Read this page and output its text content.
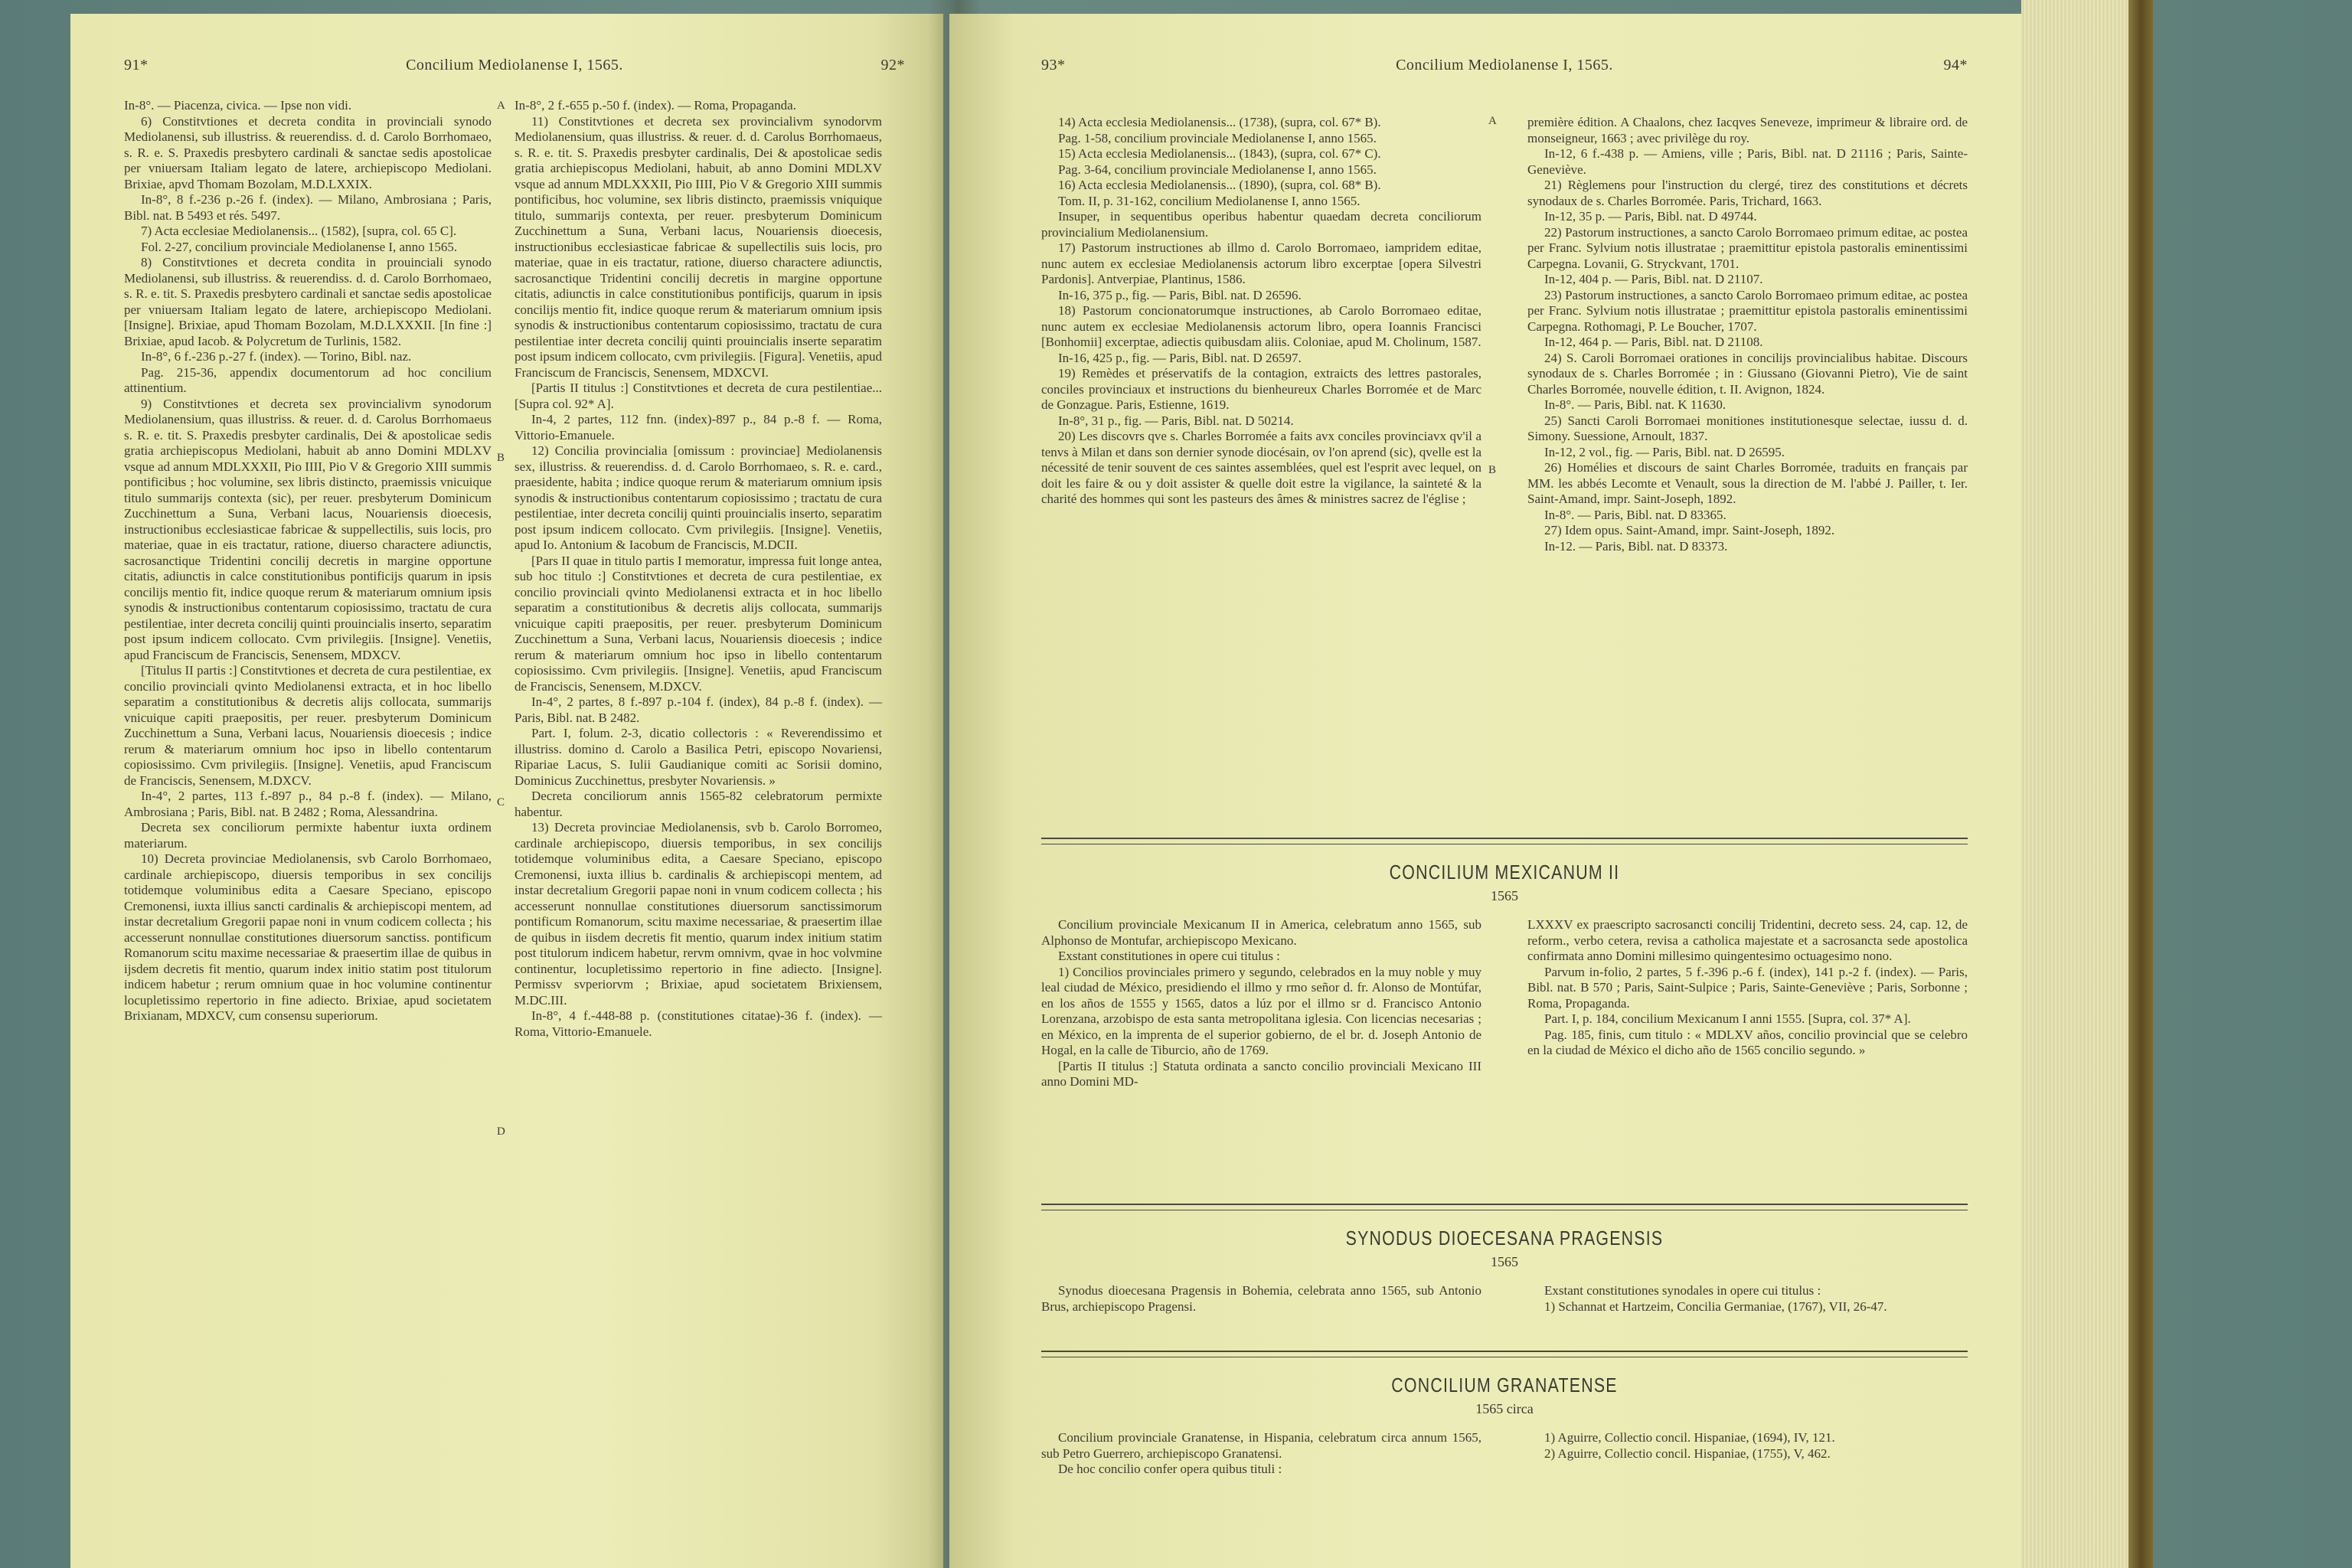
91*	Concilium Mediolanense I, 1565.	92*

In-8°. — Piacenza, civica. — Ipse non vidi.

6) Constitvtiones et decreta condita in provinciali synodo Mediolanensi, sub illustriss. & reuerendiss. d. d. Carolo Borrhomaeo, s. R. e. S. Praxedis presbytero cardinali & sanctae sedis apostolicae per vniuersam Italiam legato de latere, archiepiscopo Mediolani. Brixiae, apvd Thomam Bozolam, M.D.LXXIX.

In-8°, 8 f.-236 p.-26 f. (index). — Milano, Ambrosiana ; Paris, Bibl. nat. B 5493 et rés. 5497.

7) Acta ecclesiae Mediolanensis... (1582), [supra, col. 65 C].

Fol. 2-27, concilium provinciale Mediolanense I, anno 1565.

8) Constitvtiones et decreta condita in prouinciali synodo Mediolanensi, sub illustriss. & reuerendiss. d. d. Carolo Borrhomaeo, s. R. e. tit. S. Praxedis presbytero cardinali et sanctae sedis apostolicae per vniuersam Italiam legato de latere, archiepiscopo Mediolani. [Insigne]. Brixiae, apud Thomam Bozolam, M.D.LXXXII. [In fine :] Brixiae, apud Iacob. & Polycretum de Turlinis, 1582.

In-8°, 6 f.-236 p.-27 f. (index). — Torino, Bibl. naz.

Pag. 215-36, appendix documentorum ad hoc concilium attinentium.

9) Constitvtiones et decreta sex provincialivm synodorum Mediolanensium, quas illustriss. & reuer. d. d. Carolus Borrhomaeus s. R. e. tit. S. Praxedis presbyter cardinalis, Dei & apostolicae sedis gratia archiepiscopus Mediolani, habuit ab anno Domini MDLXV vsque ad annum MDLXXXII, Pio IIII, Pio V & Gregorio XIII summis pontificibus ; hoc volumine, sex libris distincto, praemissis vnicuique titulo summarijs contexta (sic), per reuer. presbyterum Dominicum Zucchinettum a Suna, Verbani lacus, Nouariensis dioecesis, instructionibus ecclesiasticae fabricae & suppellectilis, suis locis, pro materiae, quae in eis tractatur, ratione, diuerso charactere adiunctis, sacrosanctique Tridentini concilij decretis in margine opportune citatis, adiunctis in calce constitutionibus pontificijs quarum in ipsis concilijs mentio fit, indice quoque rerum & materiarum omnium ipsis synodis & instructionibus contentarum copiosissimo, tractatu de cura pestilentiae, inter decreta concilij quinti prouincialis inserto, separatim post ipsum indicem collocato. Cvm privilegiis. [Insigne]. Venetiis, apud Franciscum de Franciscis, Senensem, MDXCV.

[Titulus II partis :] Constitvtiones et decreta de cura pestilentiae, ex concilio provinciali qvinto Mediolanensi extracta, et in hoc libello separatim a constitutionibus & decretis alijs collocata, summarijs vnicuique capiti praepositis, per reuer. presbyterum Dominicum Zucchinettum a Suna, Verbani lacus, Nouariensis dioecesis ; indice rerum & materiarum omnium hoc ipso in libello contentarum copiosissimo. Cvm privilegiis. [Insigne]. Venetiis, apud Franciscum de Franciscis, Senensem, M.DXCV.

In-4°, 2 partes, 113 f.-897 p., 84 p.-8 f. (index). — Milano, Ambrosiana ; Paris, Bibl. nat. B 2482 ; Roma, Alessandrina.

Decreta sex conciliorum permixte habentur iuxta ordinem materiarum.

10) Decreta provinciae Mediolanensis, svb Carolo Borrhomaeo, cardinale archiepiscopo, diuersis temporibus in sex concilijs totidemque voluminibus edita a Caesare Speciano, episcopo Cremonensi, iuxta illius sancti cardinalis & archiepiscopi mentem, ad instar decretalium Gregorii papae noni in vnum codicem collecta ; his accesserunt nonnullae constitutiones diuersorum sanctiss. pontificum Romanorum scitu maxime necessariae & praesertim illae de quibus in ijsdem decretis fit mentio, quarum index initio statim post titulorum indicem habetur ; rerum omnium quae in hoc volumine continentur locupletissimo repertorio in fine adiecto. Brixiae, apud societatem Brixianam, MDXCV, cum consensu superiorum.

In-8°, 2 f.-655 p.-50 f. (index). — Roma, Propaganda.

11) Constitvtiones et decreta sex provincialivm synodorvm Mediolanensium, quas illustriss. & reuer. d. d. Carolus Borrhomaeus, s. R. e. tit. S. Praxedis presbyter cardinalis, Dei & apostolicae sedis gratia archiepiscopus Mediolani, habuit, ab anno Domini MDLXV vsque ad annum MDLXXXII, Pio IIII, Pio V & Gregorio XIII summis pontificibus, hoc volumine, sex libris distincto, praemissis vniquique titulo, summarijs contexta, per reuer. presbyterum Dominicum Zucchinettum a Suna, Verbani lacus, Nouariensis dioecesis, instructionibus ecclesiasticae fabricae & supellectilis suis locis, pro materiae, quae in eis tractatur, ratione, diuerso charactere adiunctis, sacrosanctique Tridentini concilij decretis in margine opportune citatis, adiunctis in calce constitutionibus pontificijs, quarum in ipsis concilijs mentio fit, indice quoque rerum & materiarum omnium ipsis synodis & instructionibus contentarum copiosissimo, tractatu de cura pestilentiae inter decreta concilij quinti prouincialis inserte separatim post ipsum indicem collocato, cvm privilegiis. [Figura]. Venetiis, apud Franciscum de Franciscis, Senensem, MDXCVI.

[Partis II titulus :] Constitvtiones et decreta de cura pestilentiae... [Supra col. 92* A].

In-4, 2 partes, 112 fnn. (index)-897 p., 84 p.-8 f. — Roma, Vittorio-Emanuele.

12) Concilia provincialia [omissum : provinciae] Mediolanensis sex, illustriss. & reuerendiss. d. d. Carolo Borrhomaeo, s. R. e. card., praesidente, habita ; indice quoque rerum & materiarum omnium ipsis synodis & instructionibus contentarum copiosissimo ; tractatu de cura pestilentiae, inter decreta concilij quinti prouincialis inserto, separatim post ipsum indicem collocato. Cvm privilegiis. [Insigne]. Venetiis, apud Io. Antonium & Iacobum de Franciscis, M.DCII.

[Pars II quae in titulo partis I memoratur, impressa fuit longe antea, sub hoc titulo :] Constitvtiones et decreta de cura pestilentiae, ex concilio provinciali qvinto Mediolanensi extracta et in hoc libello separatim a constitutionibus & decretis alijs collocata, summarijs vnicuique capiti praepositis, per reuer. presbyterum Dominicum Zucchinettum a Suna, Verbani lacus, Nouariensis dioecesis ; indice rerum & materiarum omnium hoc ipso in libello contentarum copiosissimo. Cvm privilegiis. [Insigne]. Venetiis, apud Franciscum de Franciscis, Senensem, M.DXCV.

In-4°, 2 partes, 8 f.-897 p.-104 f. (index), 84 p.-8 f. (index). — Paris, Bibl. nat. B 2482.

Part. I, folum. 2-3, dicatio collectoris : « Reverendissimo et illustriss. domino d. Carolo a Basilica Petri, episcopo Novariensi, Ripariae Lacus, S. Iulii Gaudianique comiti ac Sorisii domino, Dominicus Zucchinettus, presbyter Novariensis. »

Decreta conciliorum annis 1565-82 celebratorum permixte habentur.

13) Decreta provinciae Mediolanensis, svb b. Carolo Borromeo, cardinale archiepiscopo, diuersis temporibus, in sex concilijs totidemque voluminibus edita, a Caesare Speciano, episcopo Cremonensi, iuxta illius b. cardinalis & archiepiscopi mentem, ad instar decretalium Gregorii papae noni in vnum codicem collecta ; his accesserunt nonnullae constitutiones diuersorum sanctissimorum pontificum Romanorum, scitu maxime necessariae, & praesertim illae de quibus in iisdem decretis fit mentio, quarum index initium statim post titulorum indicem habetur, rervm omnivm, qvae in hoc volvmine continentur, locupletissimo repertorio in fine adiecto. [Insigne]. Permissv svperiorvm ; Brixiae, apud societatem Brixiensem, M.DC.III.

In-8°, 4 f.-448-88 p. (constitutiones citatae)-36 f. (index). — Roma, Vittorio-Emanuele.

A
B
C
D
93*	Concilium Mediolanense I, 1565.	94*

14) Acta ecclesia Mediolanensis... (1738), (supra, col. 67* B).

Pag. 1-58, concilium provinciale Mediolanense I, anno 1565.

15) Acta ecclesia Mediolanensis... (1843), (supra, col. 67* C).

Pag. 3-64, concilium provinciale Mediolanense I, anno 1565.

16) Acta ecclesia Mediolanensis... (1890), (supra, col. 68* B).

Tom. II, p. 31-162, concilium Mediolanense I, anno 1565.

Insuper, in sequentibus operibus habentur quaedam decreta conciliorum provincialium Mediolanensium.

17) Pastorum instructiones ab illmo d. Carolo Borromaeo, iampridem editae, nunc autem ex ecclesiae Mediolanensis actorum libro excerptae [opera Silvestri Pardonis]. Antverpiae, Plantinus, 1586.

In-16, 375 p., fig. — Paris, Bibl. nat. D 26596.

18) Pastorum concionatorumque instructiones, ab Carolo Borromaeo editae, nunc autem ex ecclesiae Mediolanensis actorum libro, opera Ioannis Francisci [Bonhomii] excerptae, adiectis quibusdam aliis. Coloniae, apud M. Cholinum, 1587.

In-16, 425 p., fig. — Paris, Bibl. nat. D 26597.

19) Remèdes et préservatifs de la contagion, extraicts des lettres pastorales, conciles provinciaux et instructions du bienheureux Charles Borromée et de Marc de Gonzague. Paris, Estienne, 1619.

In-8°, 31 p., fig. — Paris, Bibl. nat. D 50214.

20) Les discovrs qve s. Charles Borromée a faits avx conciles provinciavx qv'il a tenvs à Milan et dans son dernier synode diocésain, ov l'on aprend (sic), qvelle est la nécessité de tenir souvent de ces saintes assemblées, quel est l'esprit avec lequel, on doit les faire & ou y doit assister & quelle doit estre la vigilance, la sainteté & la charité des hommes qui sont les pasteurs des âmes & ministres sacrez de l'église ;

première édition. A Chaalons, chez Iacqves Seneveze, imprimeur & libraire ord. de monseigneur, 1663 ; avec privilège du roy.

In-12, 6 f.-438 p. — Amiens, ville ; Paris, Bibl. nat. D 21116 ; Paris, Sainte-Geneviève.

21) Règlemens pour l'instruction du clergé, tirez des constitutions et décrets synodaux de s. Charles Borromée. Paris, Trichard, 1663.

In-12, 35 p. — Paris, Bibl. nat. D 49744.

22) Pastorum instructiones, a sancto Carolo Borromaeo primum editae, ac postea per Franc. Sylvium notis illustratae ; praemittitur epistola pastoralis eminentissimi Carpegna. Lovanii, G. Stryckvant, 1701.

In-12, 404 p. — Paris, Bibl. nat. D 21107.

23) Pastorum instructiones, a sancto Carolo Borromaeo primum editae, ac postea per Franc. Sylvium notis illustratae ; praemittitur epistola pastoralis eminentissimi Carpegna. Rothomagi, P. Le Boucher, 1707.

In-12, 464 p. — Paris, Bibl. nat. D 21108.

24) S. Caroli Borromaei orationes in concilijs provincialibus habitae. Discours synodaux de s. Charles Borromée ; in : Giussano (Giovanni Pietro), Vie de saint Charles Borromée, nouvelle édition, t. II. Avignon, 1824.

In-8°. — Paris, Bibl. nat. K 11630.

25) Sancti Caroli Borromaei monitiones institutionesque selectae, iussu d. d. Simony. Suessione, Arnoult, 1837.

In-12, 2 vol., fig. — Paris, Bibl. nat. D 26595.

26) Homélies et discours de saint Charles Borromée, traduits en français par MM. les abbés Lecomte et Venault, sous la direction de M. l'abbé J. Pailler, t. Ier. Saint-Amand, impr. Saint-Joseph, 1892.

In-8°. — Paris, Bibl. nat. D 83365.

27) Idem opus. Saint-Amand, impr. Saint-Joseph, 1892.

In-12. — Paris, Bibl. nat. D 83373.

A
B
CONCILIUM MEXICANUM II
1565

Concilium provinciale Mexicanum II in America, celebratum anno 1565, sub Alphonso de Montufar, archiepiscopo Mexicano.

Exstant constitutiones in opere cui titulus :

1) Concilios provinciales primero y segundo, celebrados en la muy noble y muy leal ciudad de México, presidiendo el illmo y rmo señor d. fr. Alonso de Montúfar, en los años de 1555 y 1565, datos a lúz por el illmo sr d. Francisco Antonio Lorenzana, arzobispo de esta santa metropolitana iglesia. Con licencias necesarias ; en México, en la imprenta de el superior gobierno, de el br. d. Joseph Antonio de Hogal, en la calle de Tiburcio, año de 1769.

[Partis II titulus :] Statuta ordinata a sancto concilio provinciali Mexicano III anno Domini MD-

LXXXV ex praescripto sacrosancti concilij Tridentini, decreto sess. 24, cap. 12, de reform., verbo cetera, revisa a catholica majestate et a sacrosancta sede apostolica confirmata anno Domini millesimo quingentesimo octuagesimo nono.

Parvum in-folio, 2 partes, 5 f.-396 p.-6 f. (index), 141 p.-2 f. (index). — Paris, Bibl. nat. B 570 ; Paris, Saint-Sulpice ; Paris, Sainte-Geneviève ; Paris, Sorbonne ; Roma, Propaganda.

Part. I, p. 184, concilium Mexicanum I anni 1555. [Supra, col. 37* A].

Pag. 185, finis, cum titulo : « MDLXV años, concilio provincial que se celebro en la ciudad de México el dicho año de 1565 concilio segundo. »

SYNODUS DIOECESANA PRAGENSIS
1565

Synodus dioecesana Pragensis in Bohemia, celebrata anno 1565, sub Antonio Brus, archiepiscopo Pragensi.

Exstant constitutiones synodales in opere cui titulus :

1) Schannat et Hartzeim, Concilia Germaniae, (1767), VII, 26-47.

CONCILIUM GRANATENSE
1565 circa

Concilium provinciale Granatense, in Hispania, celebratum circa annum 1565, sub Petro Guerrero, archiepiscopo Granatensi.

De hoc concilio confer opera quibus tituli :

1) Aguirre, Collectio concil. Hispaniae, (1694), IV, 121.

2) Aguirre, Collectio concil. Hispaniae, (1755), V, 462.
